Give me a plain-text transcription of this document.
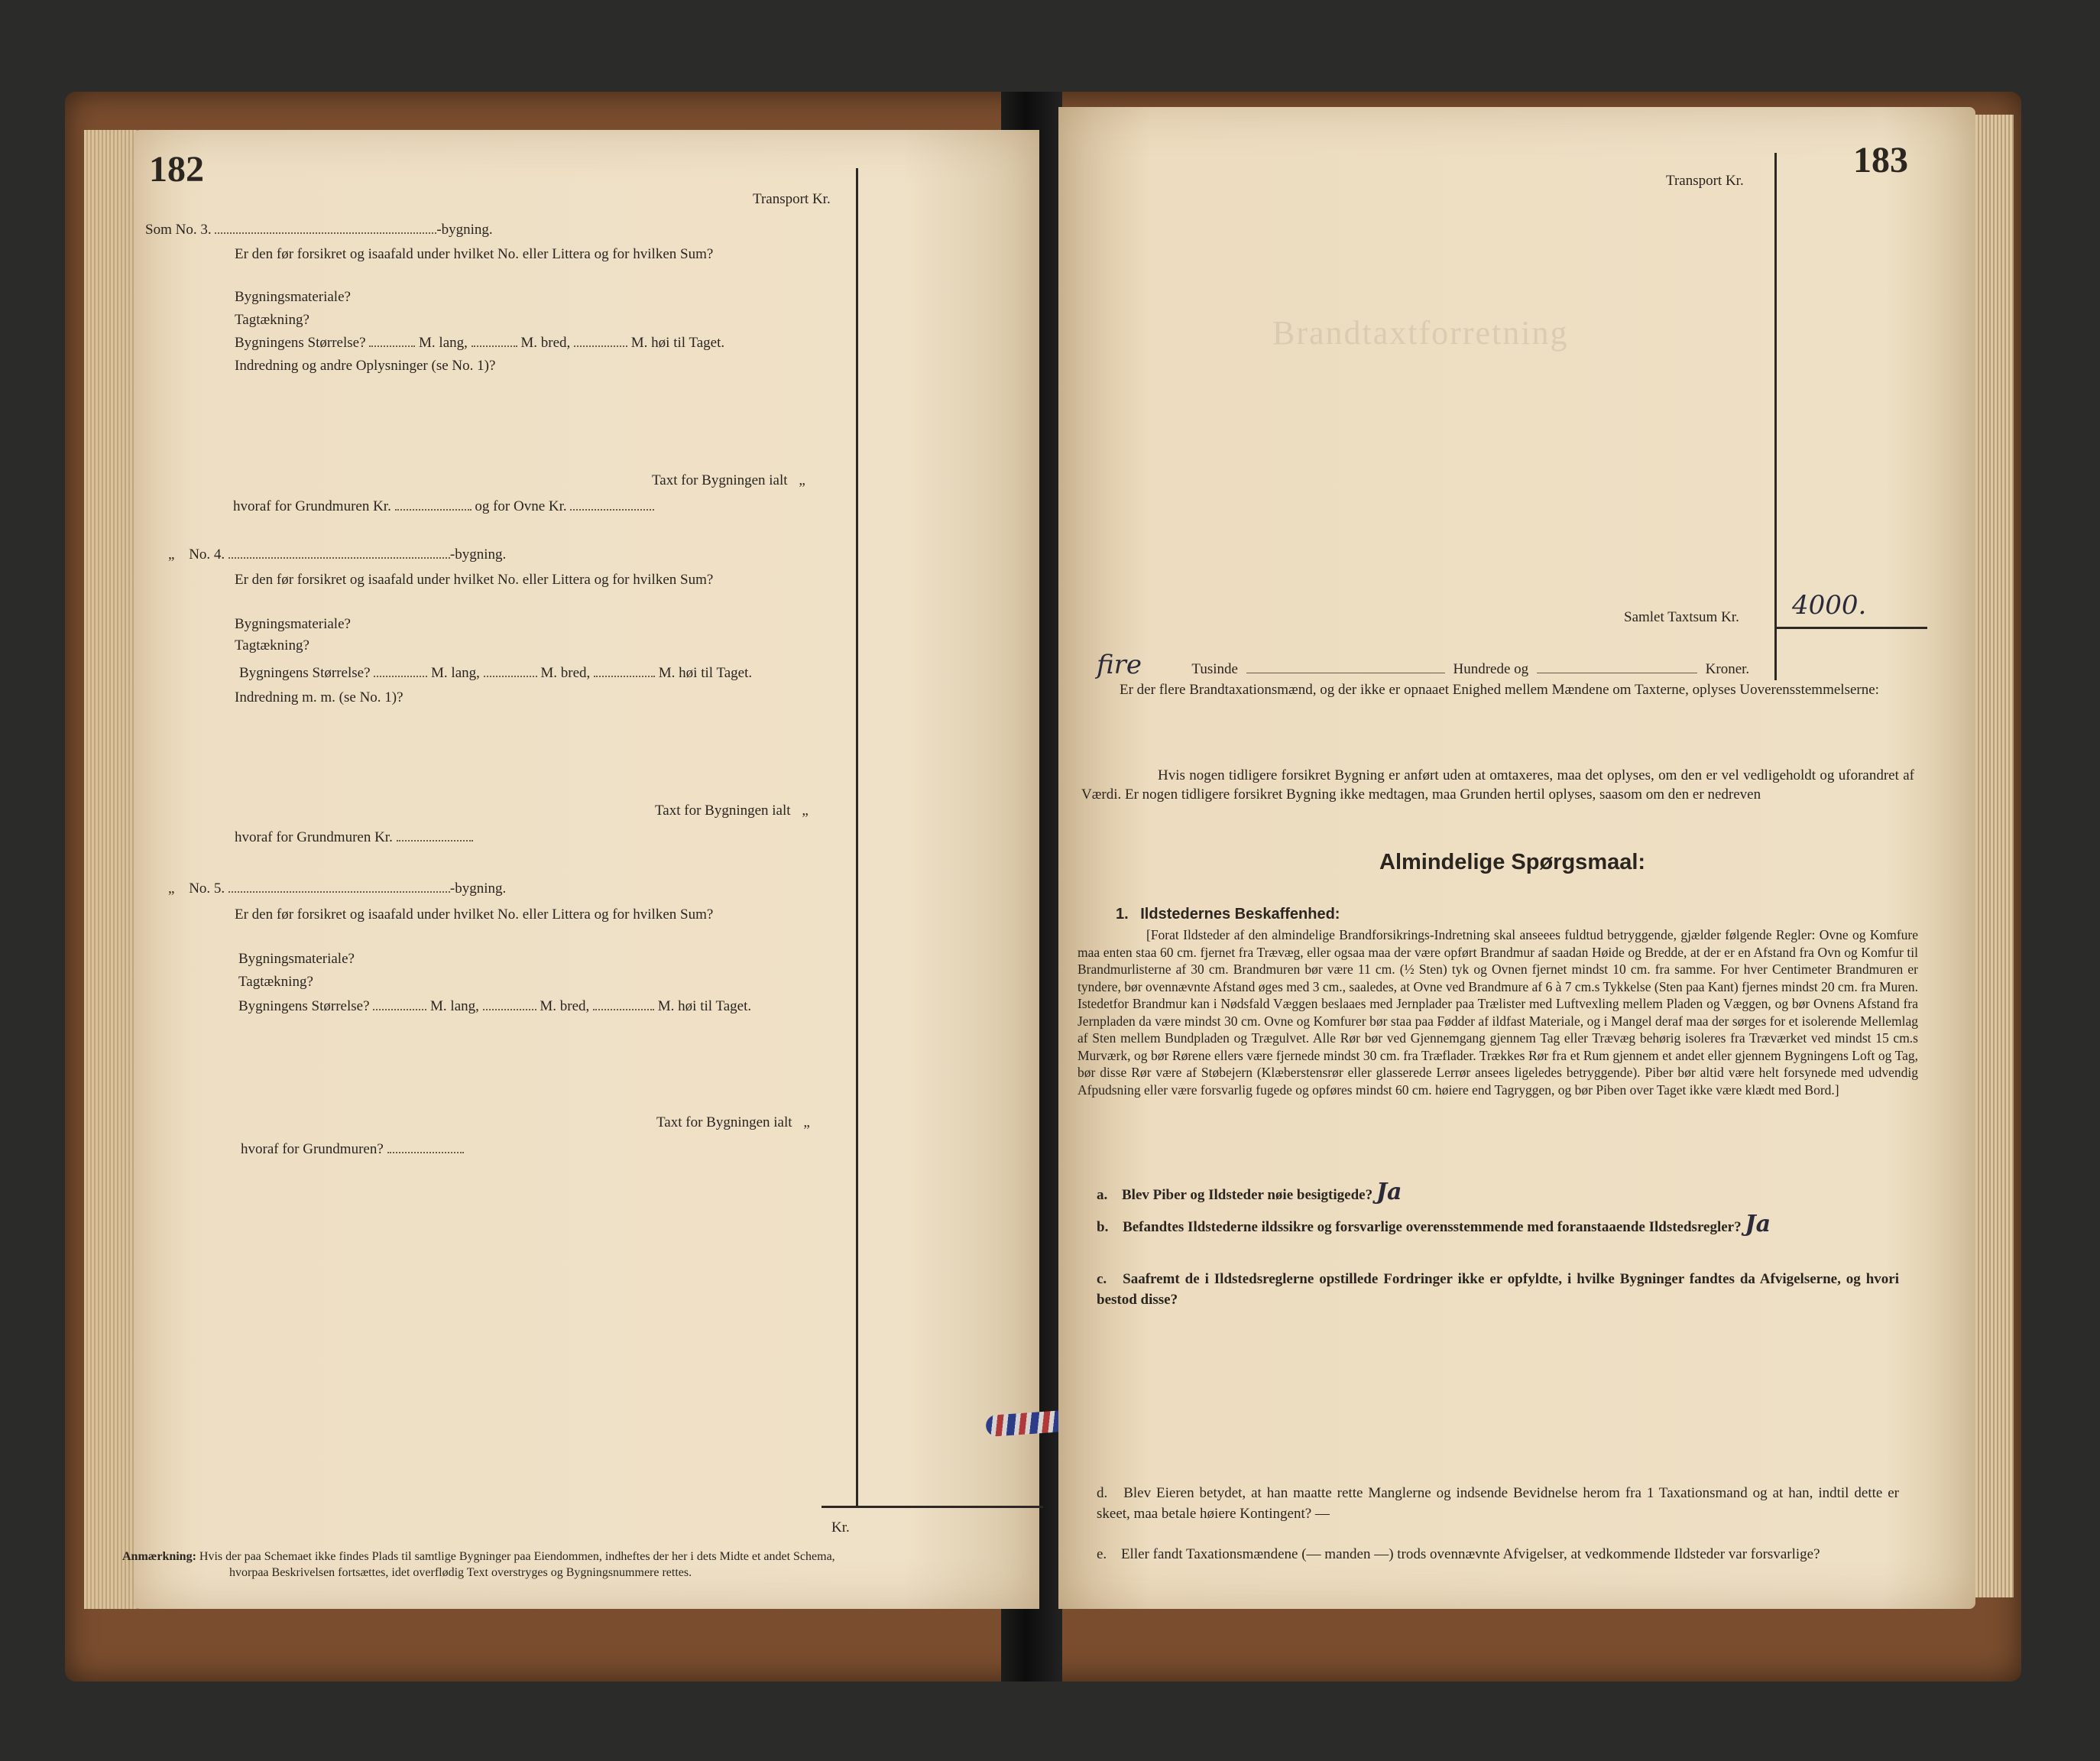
182
Transport Kr.
Kr.
Som No. 3.	-bygning.
Er den før forsikret og isaafald under hvilket No. eller Littera og for hvilken Sum?
Bygningsmateriale?
Tagtækning?
Bygningens Størrelse?	M. lang,	M. bred,	M. høi til Taget.
Indredning og andre Oplysninger (se No. 1)?
Taxt for Bygningen ialt „
hvoraf for Grundmuren Kr.	og for Ovne Kr.
„ No. 4.	-bygning.
Er den før forsikret og isaafald under hvilket No. eller Littera og for hvilken Sum?
Bygningsmateriale?
Tagtækning?
Bygningens Størrelse?	M. lang,	M. bred,	M. høi til Taget.
Indredning m. m. (se No. 1)?
Taxt for Bygningen ialt „
hvoraf for Grundmuren Kr.
„ No. 5.	-bygning.
Er den før forsikret og isaafald under hvilket No. eller Littera og for hvilken Sum?
Bygningsmateriale?
Tagtækning?
Bygningens Størrelse?	M. lang,	M. bred,	M. høi til Taget.
Taxt for Bygningen ialt „
hvoraf for Grundmuren?
Anmærkning: Hvis der paa Schemaet ikke findes Plads til samtlige Bygninger paa Eiendommen, indheftes der her i dets Midte et andet Schema,
hvorpaa Beskrivelsen fortsættes, idet overflødig Text overstryges og Bygningsnummere rettes.
Brandtaxtforretning
183
Transport Kr.
Samlet Taxtsum Kr. 4000.
fire	Tusinde	Hundrede og	Kroner.
Er der flere Brandtaxationsmænd, og der ikke er opnaaet Enighed mellem Mændene om Taxterne, oplyses Uoverensstemmelserne:
Hvis nogen tidligere forsikret Bygning er anført uden at omtaxeres, maa det oplyses, om den er vel vedligeholdt og uforandret af Værdi. Er nogen tidligere forsikret Bygning ikke medtagen, maa Grunden hertil oplyses, saasom om den er nedreven
Almindelige Spørgsmaal:
1. Ildstedernes Beskaffenhed:
[Forat Ildsteder af den almindelige Brandforsikrings-Indretning skal anseees fuldtud betryggende, gjælder følgende Regler: Ovne og Komfure maa enten staa 60 cm. fjernet fra Trævæg, eller ogsaa maa der være opført Brandmur af saadan Høide og Bredde, at der er en Afstand fra Ovn og Komfur til Brandmurlisterne af 30 cm. Brandmuren bør være 11 cm. (½ Sten) tyk og Ovnen fjernet mindst 10 cm. fra samme. For hver Centimeter Brandmuren er tyndere, bør ovennævnte Afstand øges med 3 cm., saaledes, at Ovne ved Brandmure af 6 à 7 cm.s Tykkelse (Sten paa Kant) fjernes mindst 20 cm. fra Muren. Istedetfor Brandmur kan i Nødsfald Væggen beslaaes med Jernplader paa Trælister med Luftvexling mellem Pladen og Væggen, og bør Ovnens Afstand fra Jernpladen da være mindst 30 cm. Ovne og Komfurer bør staa paa Fødder af ildfast Materiale, og i Mangel deraf maa der sørges for et isolerende Mellemlag af Sten mellem Bundpladen og Trægulvet. Alle Rør bør ved Gjennemgang gjennem Tag eller Trævæg behørig isoleres fra Træværket ved mindst 15 cm.s Murværk, og bør Rørene ellers være fjernede mindst 30 cm. fra Træflader. Trækkes Rør fra et Rum gjennem et andet eller gjennem Bygningens Loft og Tag, bør disse Rør være af Støbejern (Klæberstensrør eller glasserede Lerrør ansees ligeledes betryggende). Piber bør altid være helt forsynede med udvendig Afpudsning eller være forsvarlig fugede og opføres mindst 60 cm. høiere end Tagryggen, og bør Piben over Taget ikke være klædt med Bord.]
a. Blev Piber og Ildsteder nøie besigtigede? Ja
b. Befandtes Ildstederne ildssikre og forsvarlige overensstemmende med foranstaaende Ildstedsregler? Ja
c. Saafremt de i Ildstedsreglerne opstillede Fordringer ikke er opfyldte, i hvilke Bygninger fandtes da Afvigelserne, og hvori bestod disse?
d. Blev Eieren betydet, at han maatte rette Manglerne og indsende Bevidnelse herom fra 1 Taxationsmand og at han, indtil dette er skeet, maa betale høiere Kontingent? —
e. Eller fandt Taxationsmændene (— manden —) trods ovennævnte Afvigelser, at vedkommende Ildsteder var forsvarlige?
